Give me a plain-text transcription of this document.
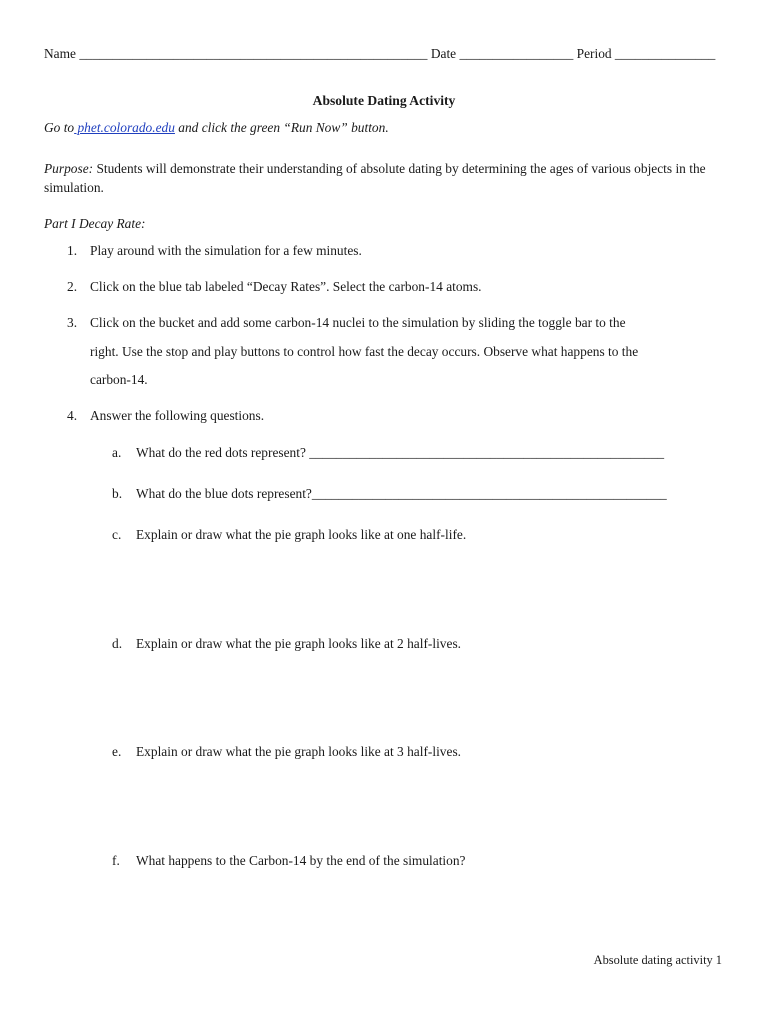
Name ____________________________________________________ Date _________________ Period _______________
Absolute Dating Activity
Go to phet.colorado.edu and click the green “Run Now” button.
Purpose: Students will demonstrate their understanding of absolute dating by determining the ages of various objects in the simulation.
Part I Decay Rate:
1. Play around with the simulation for a few minutes.
2. Click on the blue tab labeled “Decay Rates”. Select the carbon-14 atoms.
3. Click on the bucket and add some carbon-14 nuclei to the simulation by sliding the toggle bar to the
right. Use the stop and play buttons to control how fast the decay occurs. Observe what happens to the
carbon-14.
4. Answer the following questions.
a. What do the red dots represent? _____________________________________________________
b. What do the blue dots represent?_____________________________________________________
c. Explain or draw what the pie graph looks like at one half-life.
d. Explain or draw what the pie graph looks like at 2 half-lives.
e. Explain or draw what the pie graph looks like at 3 half-lives.
f. What happens to the Carbon-14 by the end of the simulation?
Absolute dating activity 1
